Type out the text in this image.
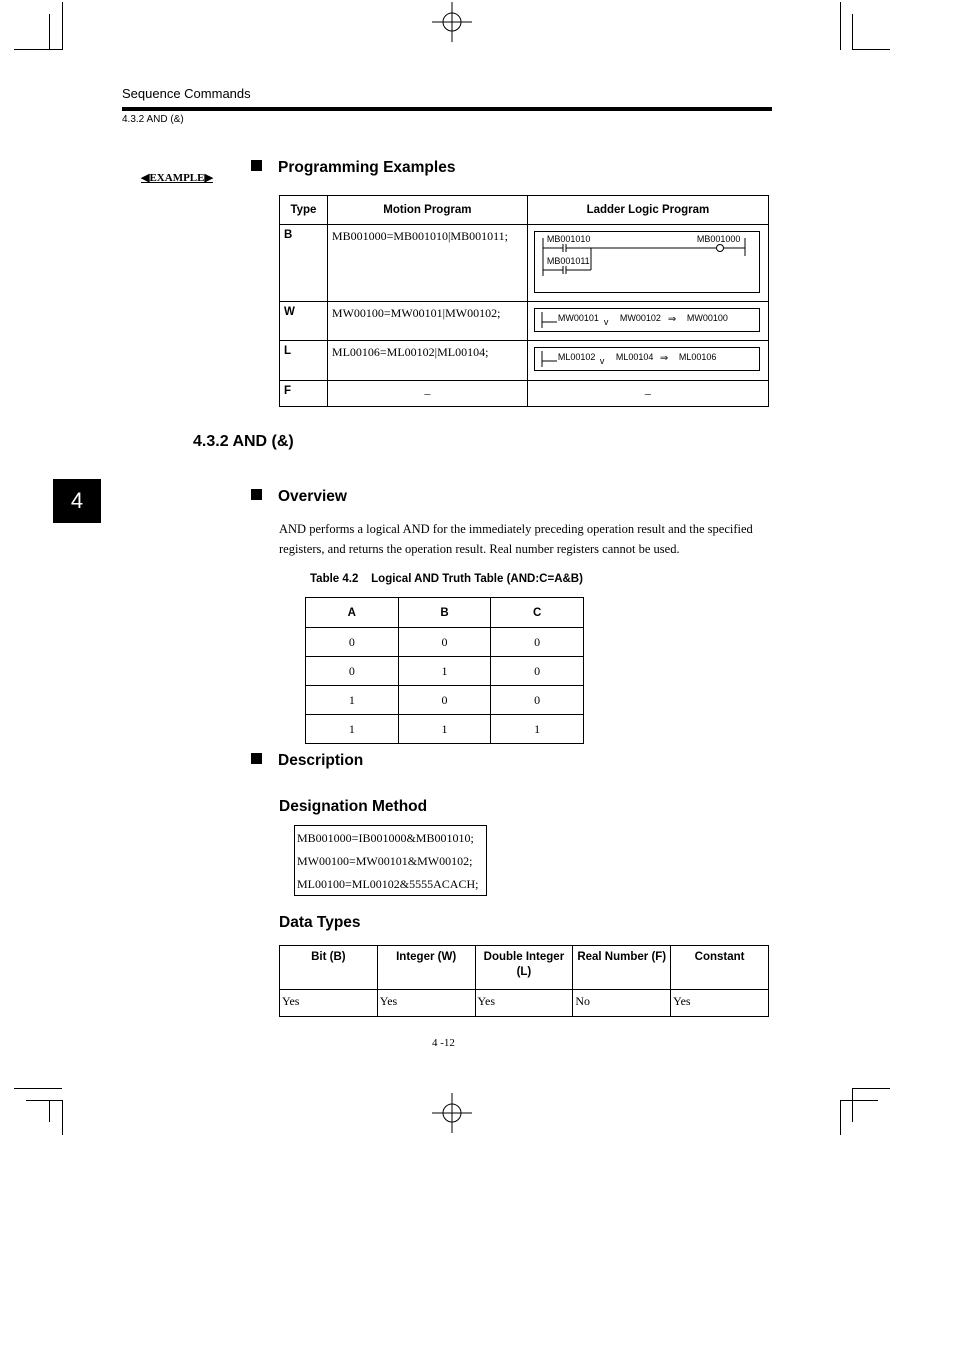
Sequence Commands
4.3.2 AND (&)
◀EXAMPLE▶
Programming Examples
Type	Motion Program	Ladder Logic Program
B	MB001000=MB001010|MB001011;	MB001010 MB001000
MB001011

W	MW00100=MW00101|MW00102;	MW00101 v MW00102 ⇒ MW00100

L	ML00106=ML00102|ML00104;	ML00102 v ML00104 ⇒ ML00106

F	–	–
4.3.2 AND (&)
4	Overview
AND performs a logical AND for the immediately preceding operation result and the specified
registers, and returns the operation result. Real number registers cannot be used.
Table 4.2    Logical AND Truth Table (AND:C=A&B)
A	B	C
0	0	0
0	1	0
1	0	0
1	1	1
Description
Designation Method
MB001000=IB001000&MB001010;
MW00100=MW00101&MW00102;
ML00100=ML00102&5555ACACH;
Data Types
Bit (B)	Integer (W)	Double Integer (L)	Real Number (F)	Constant
Yes	Yes	Yes	No	Yes
4 -12
